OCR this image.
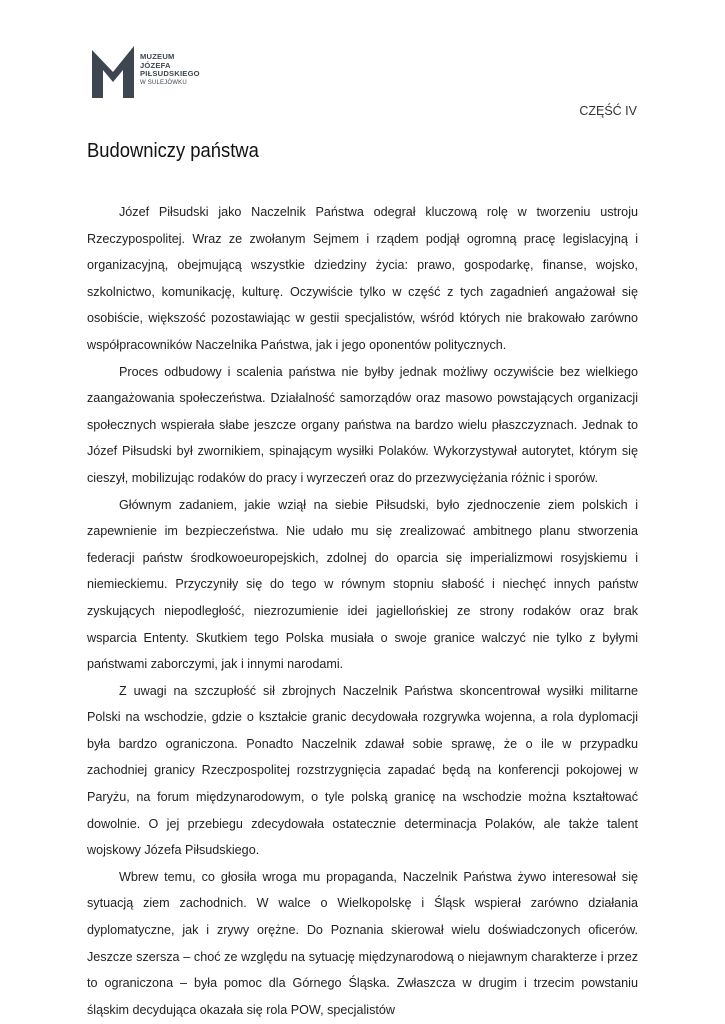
MUZEUM
JÓZEFA
PIŁSUDSKIEGO
W SULEJÓWKU
CZĘŚĆ IV
Budowniczy państwa

Józef Piłsudski jako Naczelnik Państwa odegrał kluczową rolę w tworzeniu ustroju Rzeczypospolitej. Wraz ze zwołanym Sejmem i rządem podjął ogromną pracę legislacyjną i organizacyjną, obejmującą wszystkie dziedziny życia: prawo, gospodarkę, finanse, wojsko, szkolnictwo, komunikację, kulturę. Oczywiście tylko w część z tych zagadnień angażował się osobiście, większość pozostawiając w gestii specjalistów, wśród których nie brakowało zarówno współpracowników Naczelnika Państwa, jak i jego oponentów politycznych.

Proces odbudowy i scalenia państwa nie byłby jednak możliwy oczywiście bez wielkiego zaangażowania społeczeństwa. Działalność samorządów oraz masowo powstających organizacji społecznych wspierała słabe jeszcze organy państwa na bardzo wielu płaszczyznach. Jednak to Józef Piłsudski był zwornikiem, spinającym wysiłki Polaków. Wykorzystywał autorytet, którym się cieszył, mobilizując rodaków do pracy i wyrzeczeń oraz do przezwyciężania różnic i sporów.

Głównym zadaniem, jakie wziął na siebie Piłsudski, było zjednoczenie ziem polskich i zapewnienie im bezpieczeństwa. Nie udało mu się zrealizować ambitnego planu stworzenia federacji państw środkowoeuropejskich, zdolnej do oparcia się imperializmowi rosyjskiemu i niemieckiemu. Przyczyniły się do tego w równym stopniu słabość i niechęć innych państw zyskujących niepodległość, niezrozumienie idei jagiellońskiej ze strony rodaków oraz brak wsparcia Ententy. Skutkiem tego Polska musiała o swoje granice walczyć nie tylko z byłymi państwami zaborczymi, jak i innymi narodami.

Z uwagi na szczupłość sił zbrojnych Naczelnik Państwa skoncentrował wysiłki militarne Polski na wschodzie, gdzie o kształcie granic decydowała rozgrywka wojenna, a rola dyplomacji była bardzo ograniczona. Ponadto Naczelnik zdawał sobie sprawę, że o ile w przypadku zachodniej granicy Rzeczpospolitej rozstrzygnięcia zapadać będą na konferencji pokojowej w Paryżu, na forum międzynarodowym, o tyle polską granicę na wschodzie można kształtować dowolnie. O jej przebiegu zdecydowała ostatecznie determinacja Polaków, ale także talent wojskowy Józefa Piłsudskiego.

Wbrew temu, co głosiła wroga mu propaganda, Naczelnik Państwa żywo interesował się sytuacją ziem zachodnich. W walce o Wielkopolskę i Śląsk wspierał zarówno działania dyplomatyczne, jak i zrywy orężne. Do Poznania skierował wielu doświadczonych oficerów. Jeszcze szersza – choć ze względu na sytuację międzynarodową o niejawnym charakterze i przez to ograniczona – była pomoc dla Górnego Śląska. Zwłaszcza w drugim i trzecim powstaniu śląskim decydująca okazała się rola POW, specjalistów
